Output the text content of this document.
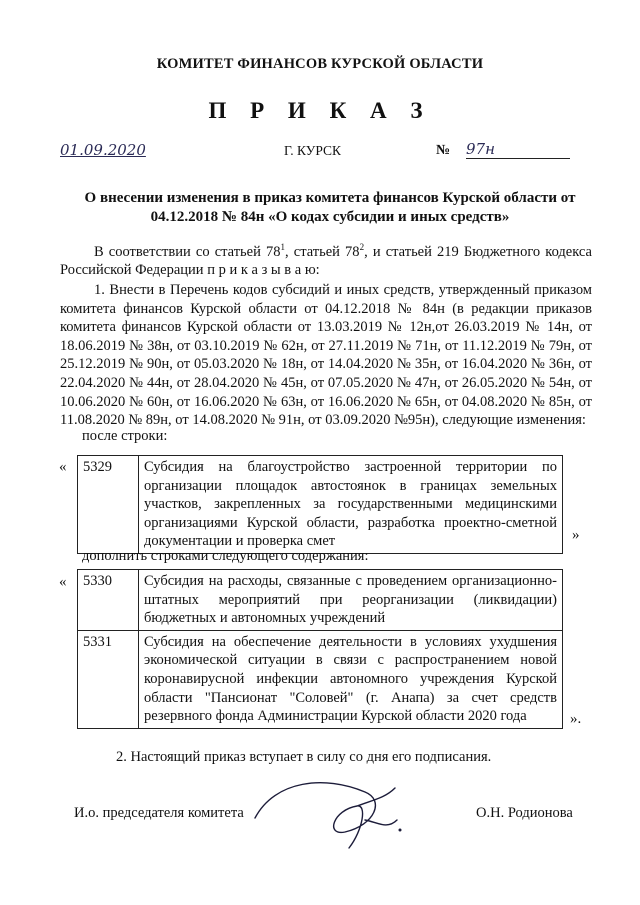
КОМИТЕТ ФИНАНСОВ КУРСКОЙ ОБЛАСТИ
П Р И К А З
01.09.2020	Г. КУРСК	№ 97н
О внесении изменения в приказ комитета финансов Курской области от 04.12.2018 № 84н «О кодах субсидии и иных средств»
В соответствии со статьей $78^1$, статьей $78^2$, и статьей 219 Бюджетного кодекса Российской Федерации п р и к а з ы в а ю:
1. Внести в Перечень кодов субсидий и иных средств, утвержденный приказом комитета финансов Курской области от 04.12.2018 № 84н (в редакции приказов комитета финансов Курской области от 13.03.2019 № 12н,от 26.03.2019 № 14н, от 18.06.2019 № 38н, от 03.10.2019 № 62н, от 27.11.2019 № 71н, от 11.12.2019 № 79н, от 25.12.2019 № 90н, от 05.03.2020 № 18н, от 14.04.2020 № 35н, от 16.04.2020 № 36н, от 22.04.2020 № 44н, от 28.04.2020 № 45н, от 07.05.2020 № 47н, от 26.05.2020 № 54н, от 10.06.2020 № 60н, от 16.06.2020 № 63н, от 16.06.2020 № 65н, от 04.08.2020 № 85н, от 11.08.2020 № 89н, от 14.08.2020 № 91н, от 03.09.2020 №95н), следующие изменения:
после строки:
« 5329	Субсидия на благоустройство застроенной территории по организации площадок автостоянок в границах земельных участков, закрепленных за государственными медицинскими организациями Курской области, разработка проектно-сметной документации и проверка смет	»
дополнить строками следующего содержания:
« 5330	Субсидия на расходы, связанные с проведением организационно-штатных мероприятий при реорганизации (ликвидации) бюджетных и автономных учреждений
5331	Субсидия на обеспечение деятельности в условиях ухудшения экономической ситуации в связи с распространением новой коронавирусной инфекции автономного учреждения Курской области "Пансионат "Соловей" (г. Анапа) за счет средств резервного фонда Администрации Курской области 2020 года	».
2. Настоящий приказ вступает в силу со дня его подписания.
И.о. председателя комитета	О.Н. Родионова
